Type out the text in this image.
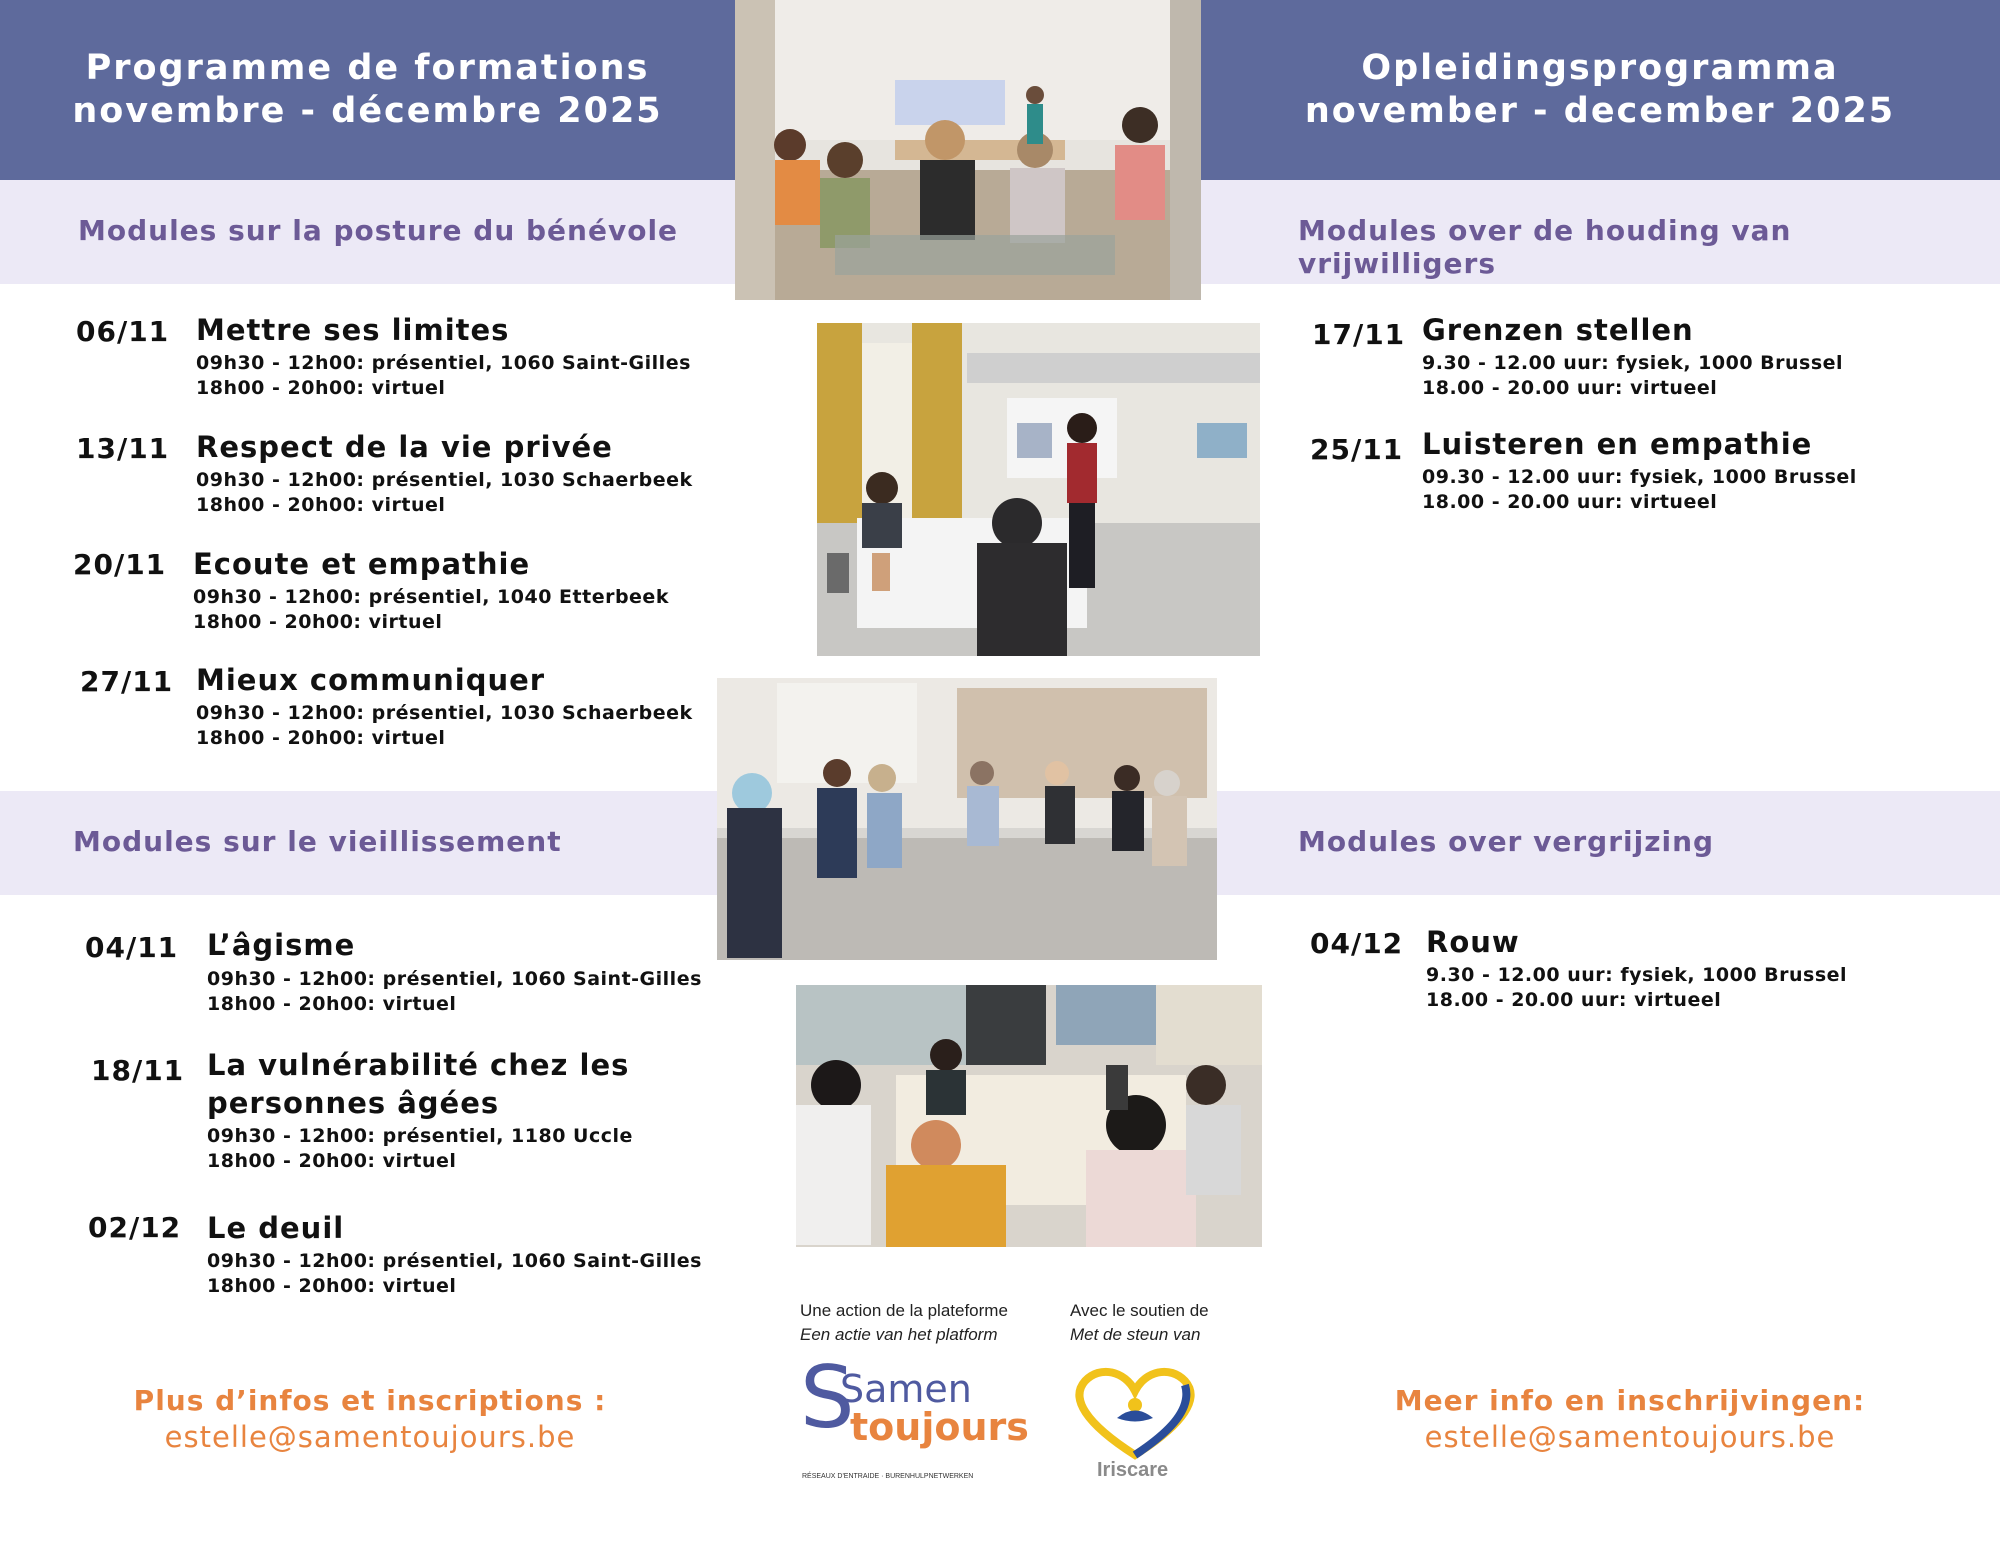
Programme de formations
novembre - décembre 2025
Opleidingsprogramma
november - december 2025
Modules sur la posture du bénévole	Modules over de houding van vrijwilligers
Modules sur le vieillissement	Modules over vergrijzing
06/11 Mettre ses limites
09h30 - 12h00: présentiel, 1060 Saint-Gilles
18h00 - 20h00: virtuel
13/11 Respect de la vie privée
09h30 - 12h00: présentiel, 1030 Schaerbeek
18h00 - 20h00: virtuel
20/11 Ecoute et empathie
09h30 - 12h00: présentiel, 1040 Etterbeek
18h00 - 20h00: virtuel
27/11 Mieux communiquer
09h30 - 12h00: présentiel, 1030 Schaerbeek
18h00 - 20h00: virtuel
04/11 L’âgisme
09h30 - 12h00: présentiel, 1060 Saint-Gilles
18h00 - 20h00: virtuel
18/11 La vulnérabilité chez les
personnes âgées
09h30 - 12h00: présentiel, 1180 Uccle
18h00 - 20h00: virtuel
02/12 Le deuil
09h30 - 12h00: présentiel, 1060 Saint-Gilles
18h00 - 20h00: virtuel
17/11 Grenzen stellen
9.30 - 12.00 uur: fysiek, 1000 Brussel
18.00 - 20.00 uur: virtueel
25/11 Luisteren en empathie
09.30 - 12.00 uur: fysiek, 1000 Brussel
18.00 - 20.00 uur: virtueel
04/12 Rouw
9.30 - 12.00 uur: fysiek, 1000 Brussel
18.00 - 20.00 uur: virtueel
Une action de la plateforme
Een actie van het platform
Avec le soutien de
Met de steun van
S
Samen
toujours
RÉSEAUX D'ENTRAIDE · BURENHULPNETWERKEN	Iriscare
Plus d’infos et inscriptions :
estelle@samentoujours.be
Meer info en inschrijvingen:
estelle@samentoujours.be
